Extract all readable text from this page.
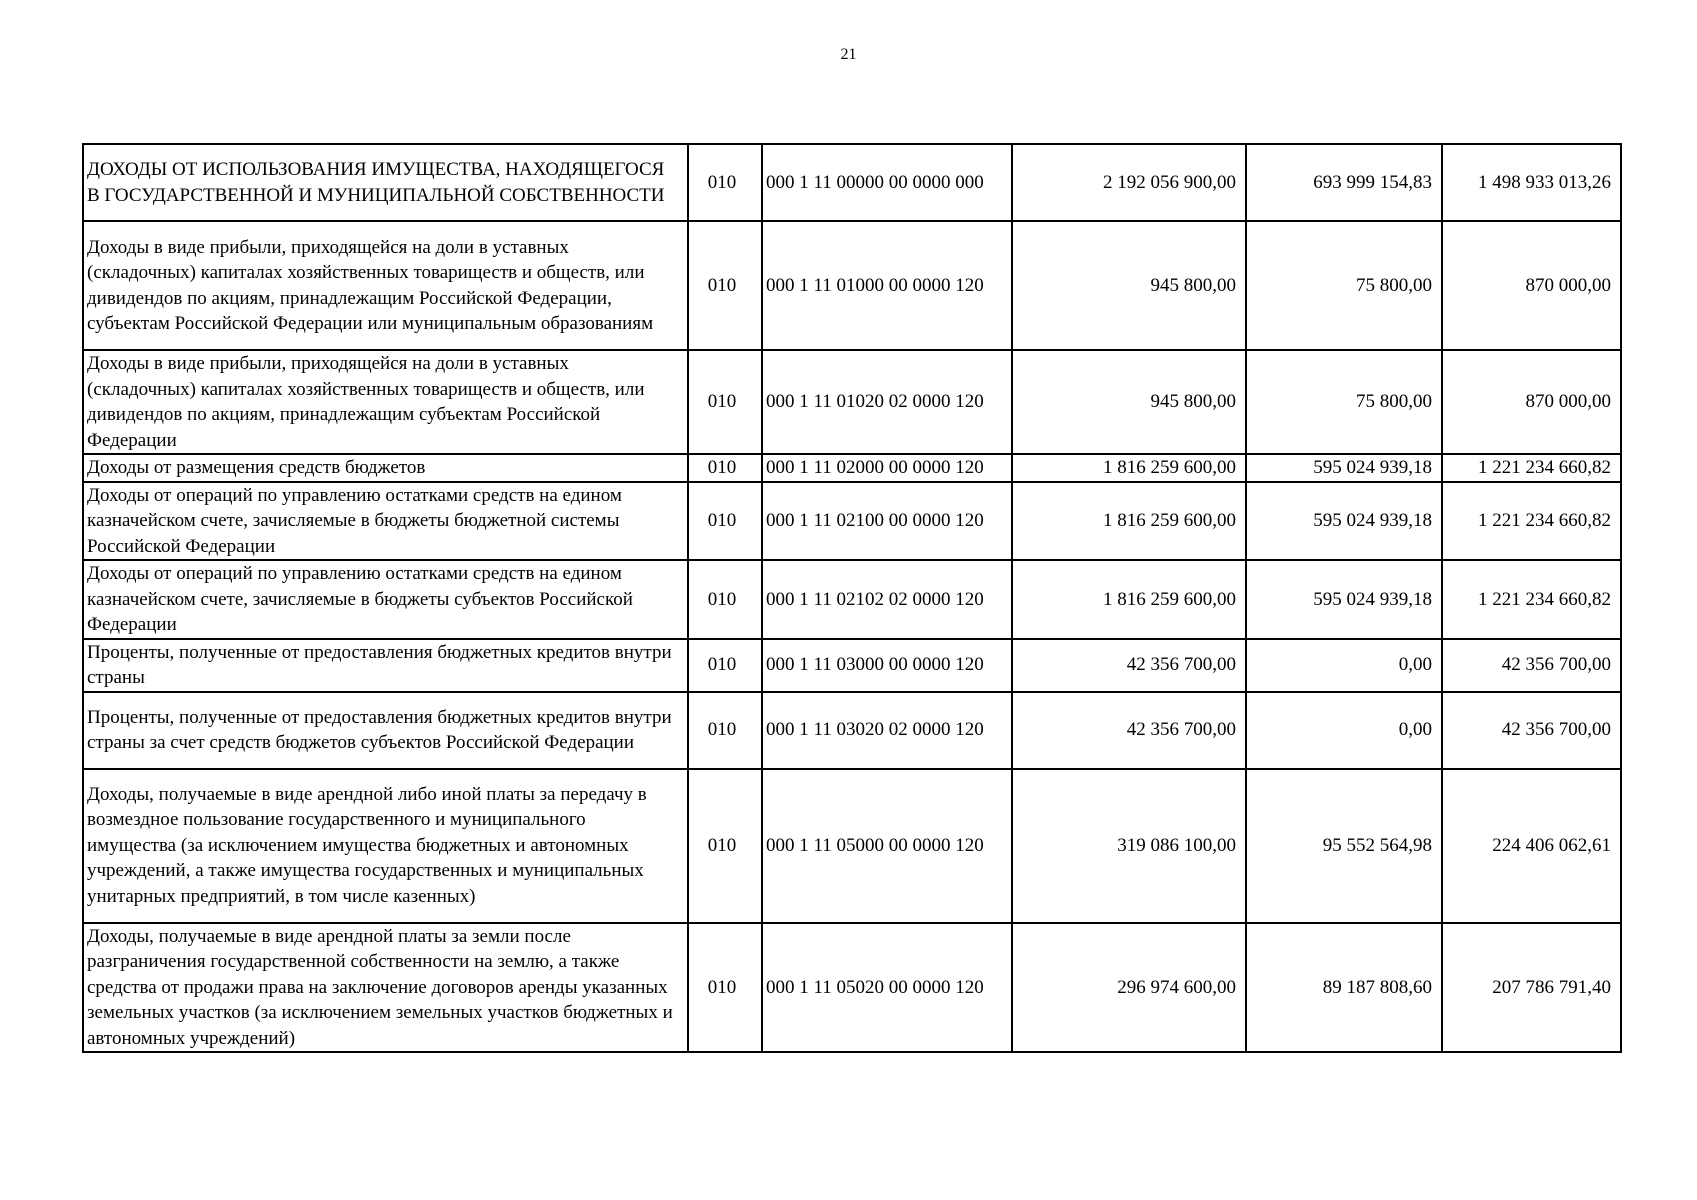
21
ДОХОДЫ ОТ ИСПОЛЬЗОВАНИЯ ИМУЩЕСТВА, НАХОДЯЩЕГОСЯ В ГОСУДАРСТВЕННОЙ И МУНИЦИПАЛЬНОЙ СОБСТВЕННОСТИ	010	000 1 11 00000 00 0000 000	2 192 056 900,00	693 999 154,83	1 498 933 013,26
Доходы в виде прибыли, приходящейся на доли в уставных (складочных) капиталах хозяйственных товариществ и обществ, или дивидендов по акциям, принадлежащим Российской Федерации, субъектам Российской Федерации или муниципальным образованиям	010	000 1 11 01000 00 0000 120	945 800,00	75 800,00	870 000,00
Доходы в виде прибыли, приходящейся на доли в уставных (складочных) капиталах хозяйственных товариществ и обществ, или дивидендов по акциям, принадлежащим субъектам Российской Федерации	010	000 1 11 01020 02 0000 120	945 800,00	75 800,00	870 000,00
Доходы от размещения средств бюджетов	010	000 1 11 02000 00 0000 120	1 816 259 600,00	595 024 939,18	1 221 234 660,82
Доходы от операций по управлению остатками средств на едином казначейском счете, зачисляемые в бюджеты бюджетной системы Российской Федерации	010	000 1 11 02100 00 0000 120	1 816 259 600,00	595 024 939,18	1 221 234 660,82
Доходы от операций по управлению остатками средств на едином казначейском счете, зачисляемые в бюджеты субъектов Российской Федерации	010	000 1 11 02102 02 0000 120	1 816 259 600,00	595 024 939,18	1 221 234 660,82
Проценты, полученные от предоставления бюджетных кредитов внутри страны	010	000 1 11 03000 00 0000 120	42 356 700,00	0,00	42 356 700,00
Проценты, полученные от предоставления бюджетных кредитов внутри страны за счет средств бюджетов субъектов Российской Федерации	010	000 1 11 03020 02 0000 120	42 356 700,00	0,00	42 356 700,00
Доходы, получаемые в виде арендной либо иной платы за передачу в возмездное пользование государственного и муниципального имущества (за исключением имущества бюджетных и автономных учреждений, а также имущества государственных и муниципальных унитарных предприятий, в том числе казенных)	010	000 1 11 05000 00 0000 120	319 086 100,00	95 552 564,98	224 406 062,61
Доходы, получаемые в виде арендной платы за земли после разграничения государственной собственности на землю, а также средства от продажи права на заключение договоров аренды указанных земельных участков (за исключением земельных участков бюджетных и автономных учреждений)	010	000 1 11 05020 00 0000 120	296 974 600,00	89 187 808,60	207 786 791,40
